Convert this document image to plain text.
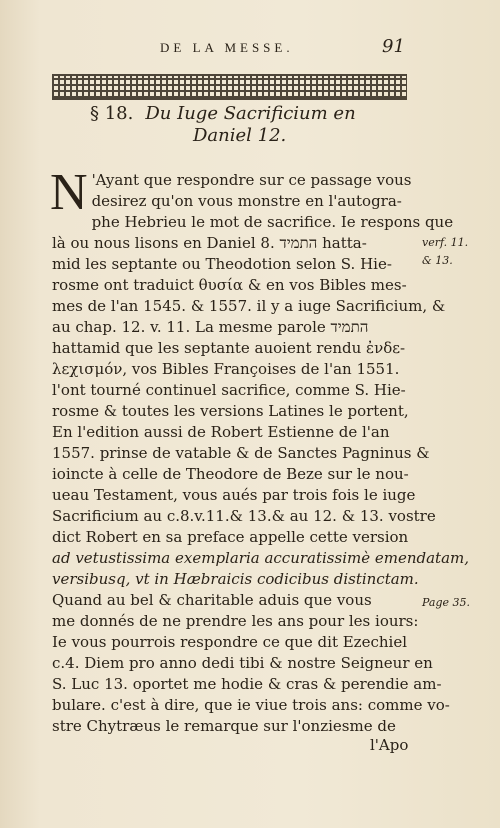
DE LA MESSE.	91
§ 18. Du Iuge Sacrificium en
Daniel 12.
N 'Ayant que respondre sur ce passage vous
desirez qu'on vous monstre en l'autogra-
phe Hebrieu le mot de sacrifice. Ie respons que
là ou nous lisons en Daniel 8. התמיד hatta-
mid les septante ou Theodotion selon S. Hie-
rosme ont traduict θυσία & en vos Bibles mes-
mes de l'an 1545. & 1557. il y a iuge Sacrificium, &
au chap. 12. v. 11. La mesme parole התמיד
hattamid que les septante auoient rendu ἐνδε-
λεχισμόν, vos Bibles Françoises de l'an 1551.
l'ont tourné continuel sacrifice, comme S. Hie-
rosme & toutes les versions Latines le portent,
En l'edition aussi de Robert Estienne de l'an
1557. prinse de vatable & de Sanctes Pagninus &
ioincte à celle de Theodore de Beze sur le nou-
ueau Testament, vous aués par trois fois le iuge
Sacrificium au c.8.v.11.& 13.& au 12. & 13. vostre
dict Robert en sa preface appelle cette version
ad vetustissima exemplaria accuratissimè emendatam,
versibusq, vt in Hæbraicis codicibus distinctam.
Quand au bel & charitable aduis que vous
me donnés de ne prendre les ans pour les iours:
Ie vous pourrois respondre ce que dit Ezechiel
c.4. Diem pro anno dedi tibi & nostre Seigneur en
S. Luc 13. oportet me hodie & cras & perendie am-
bulare. c'est à dire, que ie viue trois ans: comme vo-
stre Chytræus le remarque sur l'onziesme de
verf. 11.
& 13.
Page 35.
l'Apo
